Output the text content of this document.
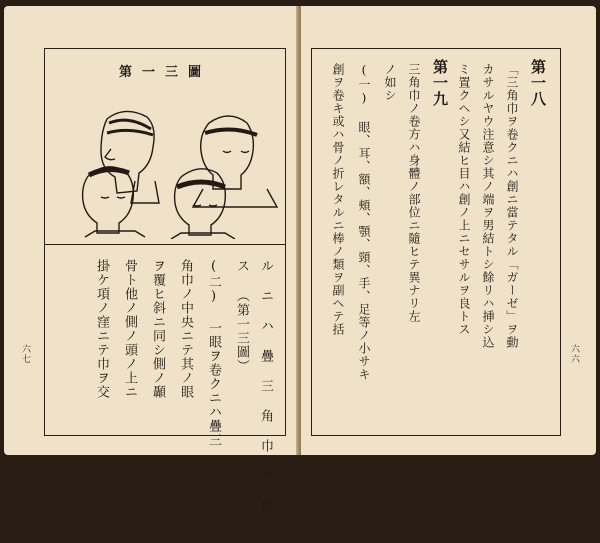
第一三圖
ル ニ ハ 疊 三 角 巾 ヲ 以 テ
ス （第一三圖）
(二) 一眼ヲ卷クニハ疊三
角巾ノ中央ニテ其ノ眼
ヲ覆ヒ斜ニ同シ側ノ顳
骨ト他ノ側ノ頭ノ上ニ
掛ケ項ノ窪ニテ巾ヲ交
六七
第一八
「三角巾ヲ卷クニハ創ニ當テタル「ガーゼ」ヲ動
カサルヤウ注意シ其ノ端ヲ男結トシ餘リハ挿シ込
ミ置クヘシ又結ヒ目ハ創ノ上ニセサルヲ良トス
第一九
三角巾ノ卷方ハ身體ノ部位ニ隨ヒテ異ナリ左
ノ如シ
(一) 眼、耳、額、頰、顎、頸、手、足等ノ小サキ
創ヲ卷キ或ハ骨ノ折レタルニ棒ノ類ヲ副ヘテ括
六六
